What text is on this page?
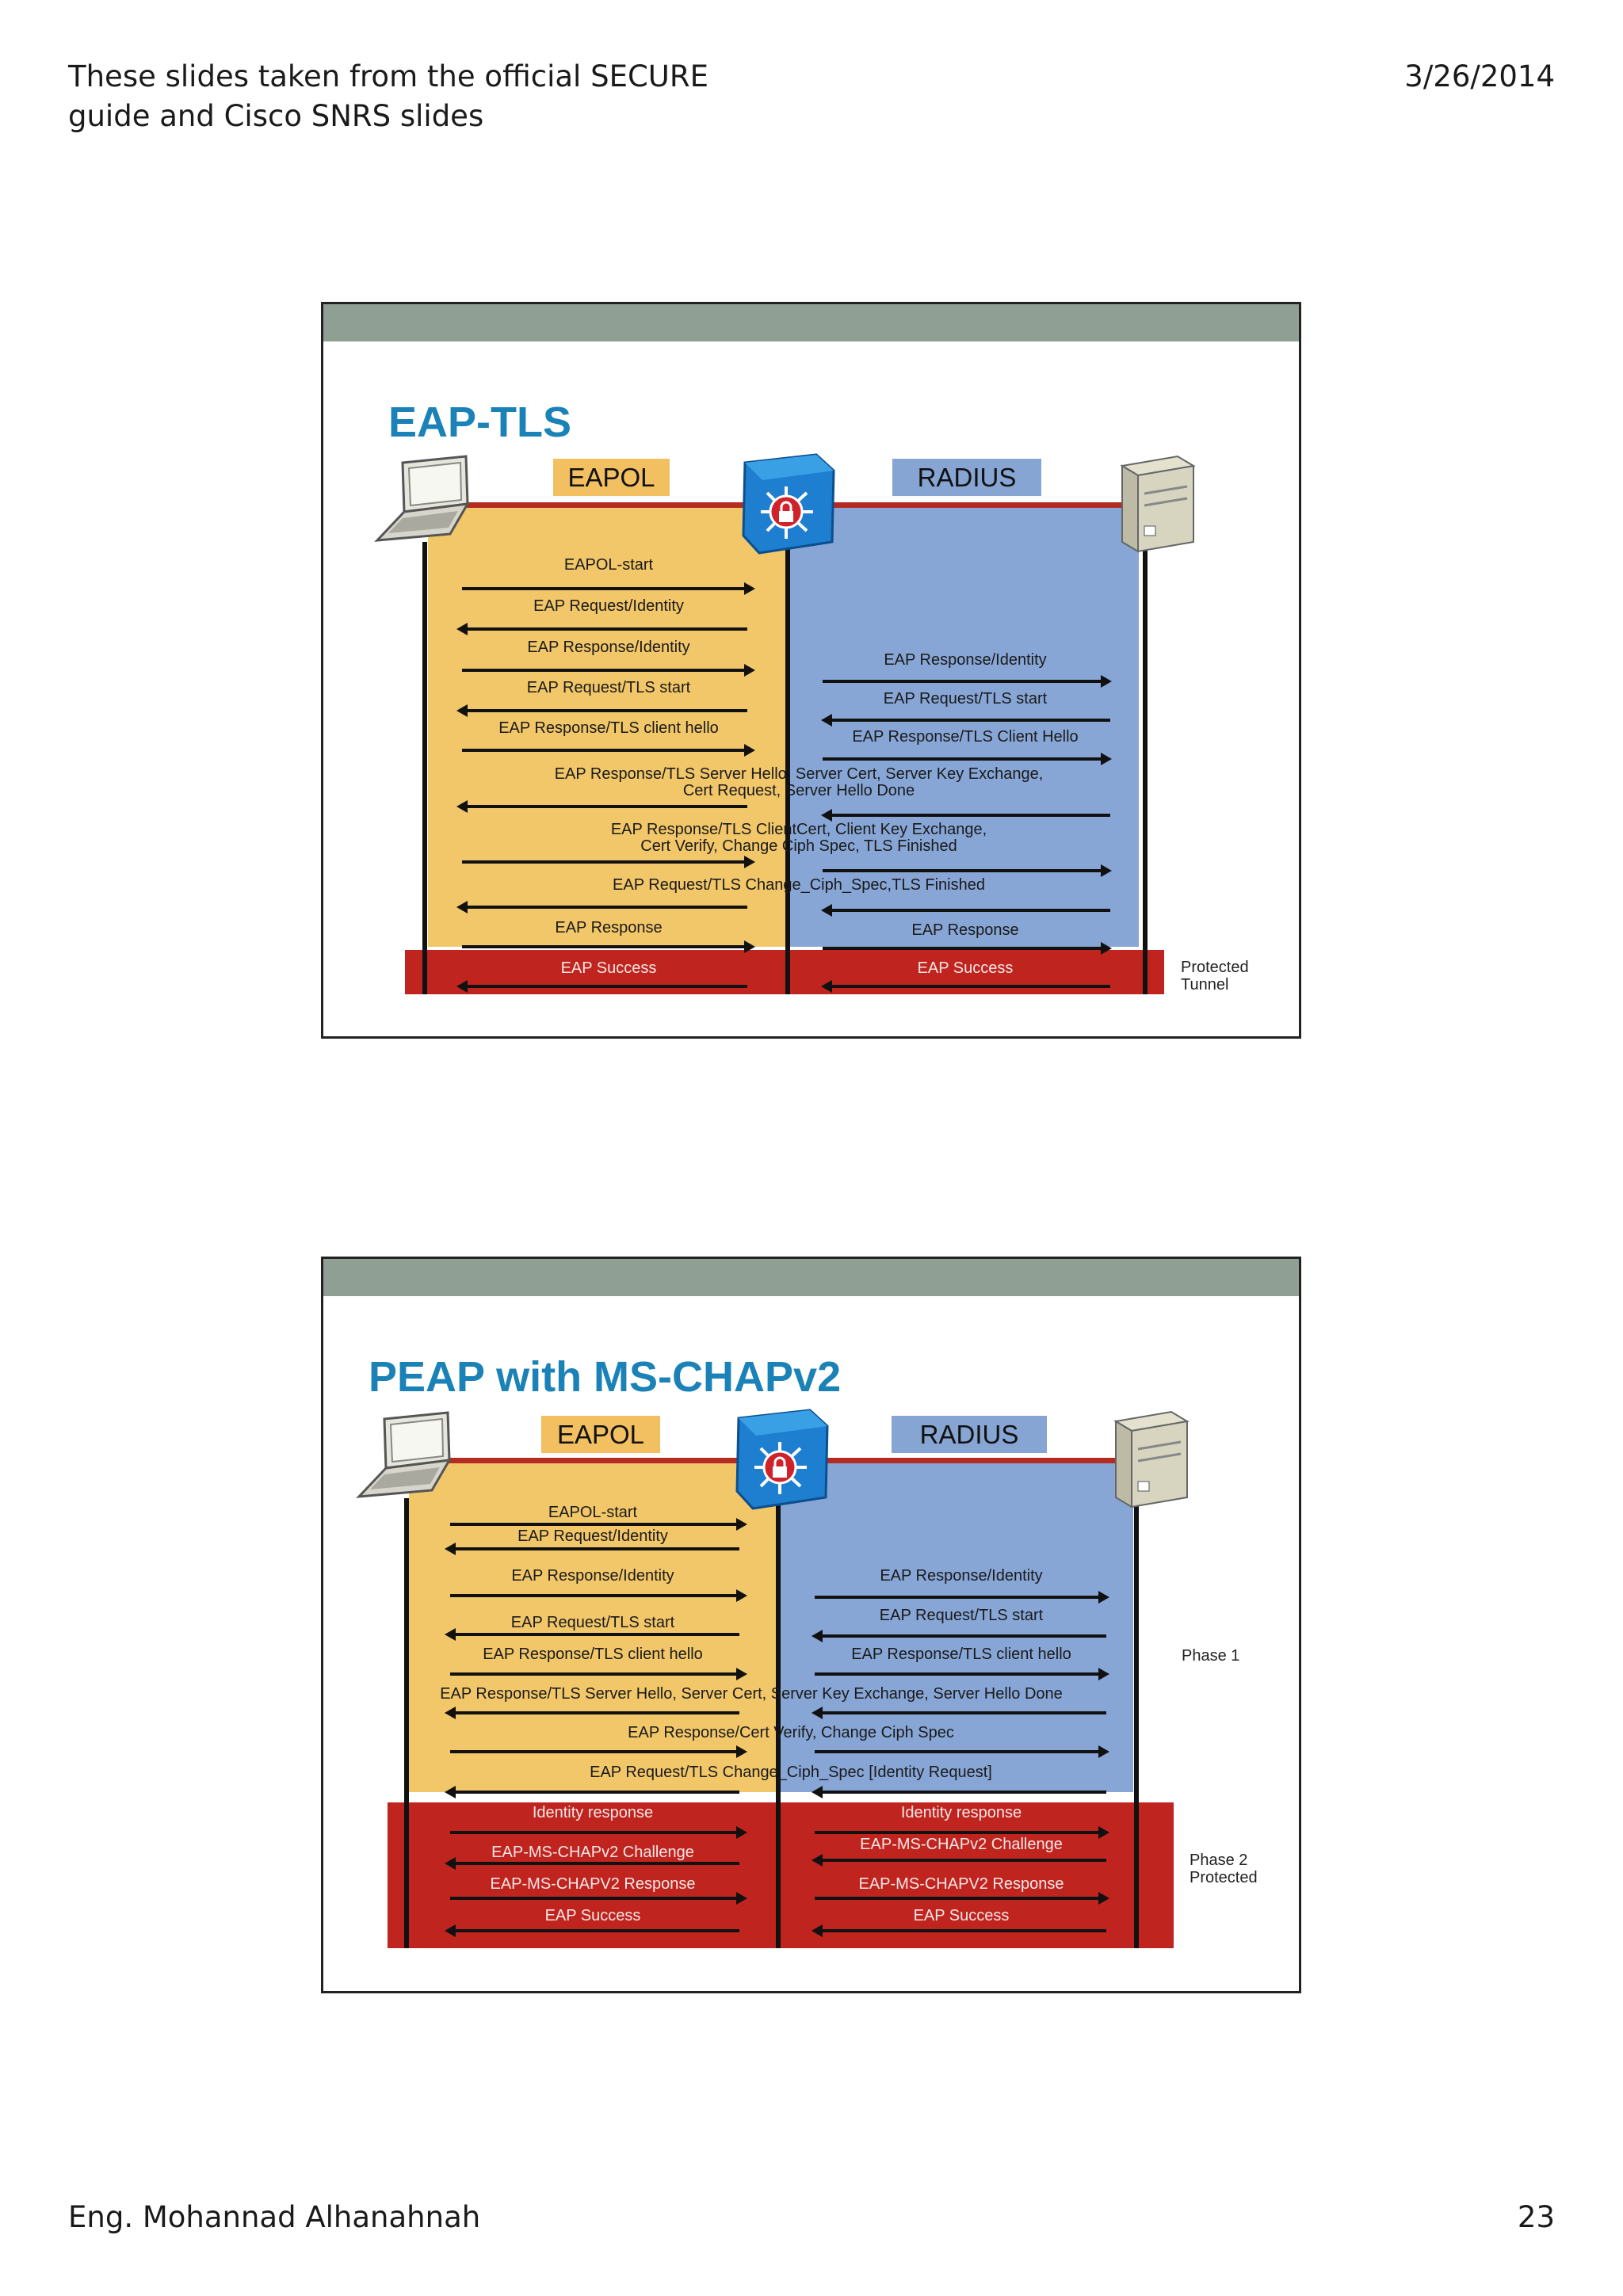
These slides taken from the official SECURE
guide and Cisco SNRS slides
3/26/2014
EAP-TLS
EAPOL	RADIUS
EAPOL-start
EAP Request/Identity
EAP Response/Identity
EAP Request/TLS start
EAP Response/TLS client hello
EAP Response/Identity
EAP Request/TLS start
EAP Response/TLS Client Hello
EAP Response/TLS Server Hello, Server Cert, Server Key Exchange,
Cert Request, Server Hello Done
EAP Response/TLS ClientCert, Client Key Exchange,
Cert Verify, Change Ciph Spec, TLS Finished
EAP Request/TLS Change_Ciph_Spec,TLS Finished
EAP Response	EAP Response
EAP Success	EAP Success	Protected
Tunnel
PEAP with MS-CHAPv2
EAPOL	RADIUS
EAPOL-start
EAP Request/Identity
EAP Response/Identity
EAP Request/TLS start
EAP Response/TLS client hello
EAP Response/Identity
EAP Request/TLS start
EAP Response/TLS client hello
EAP Response/TLS Server Hello, Server Cert, Server Key Exchange, Server Hello Done
EAP Response/Cert Verify, Change Ciph Spec
EAP Request/TLS Change_Ciph_Spec [Identity Request]
Identity response	Identity response
EAP-MS-CHAPv2 Challenge	EAP-MS-CHAPv2 Challenge
EAP-MS-CHAPV2 Response	EAP-MS-CHAPV2 Response
EAP Success	EAP Success
Phase 1
Phase 2
Protected
Eng. Mohannad Alhanahnah	23
